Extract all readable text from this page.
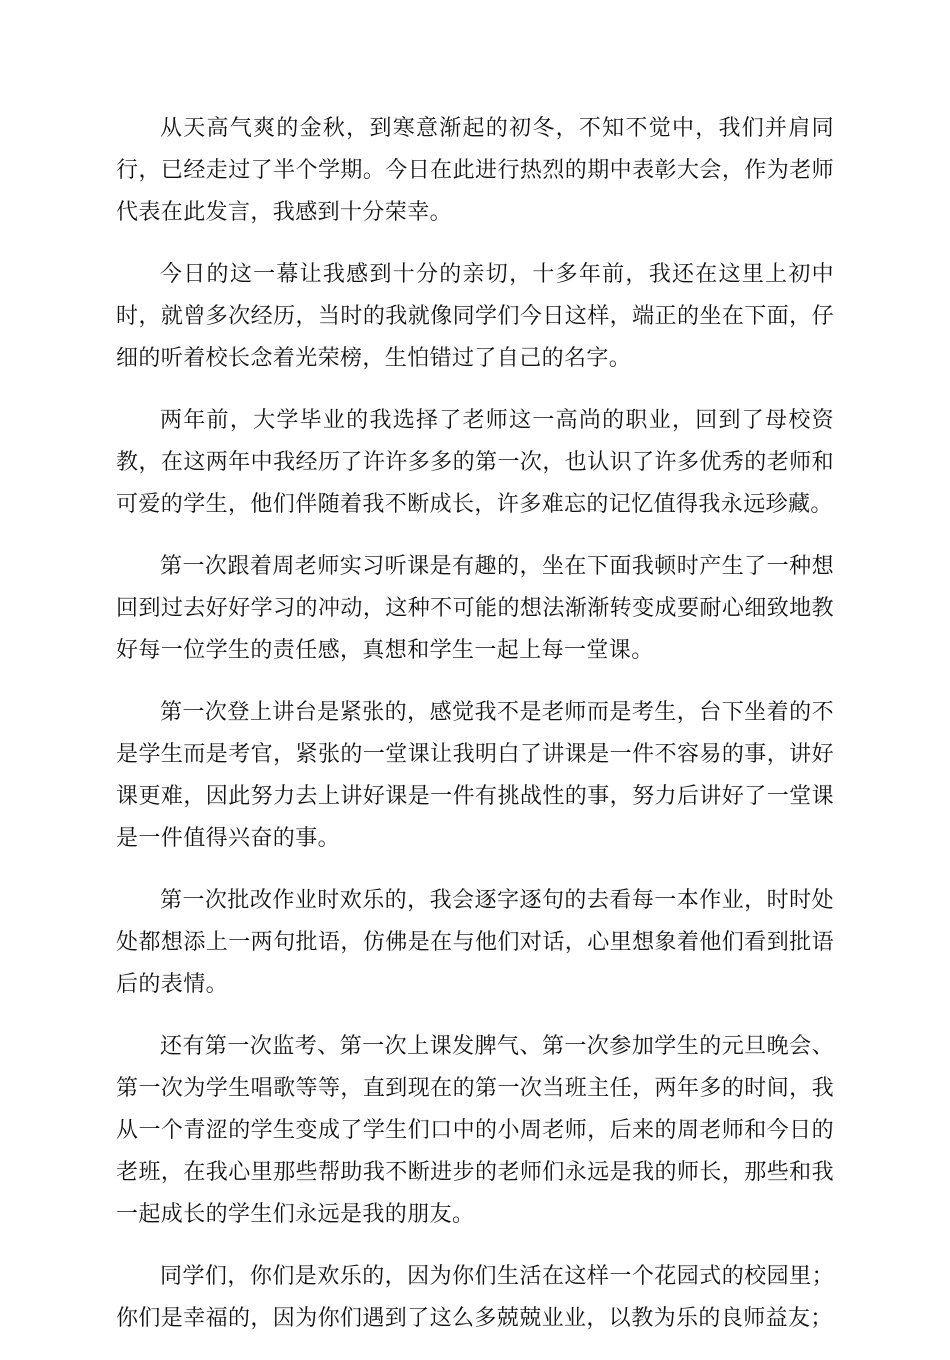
从天高气爽的金秋，到寒意渐起的初冬，不知不觉中，我们并肩同行，已经走过了半个学期。今日在此进行热烈的期中表彰大会，作为老师代表在此发言，我感到十分荣幸。

今日的这一幕让我感到十分的亲切，十多年前，我还在这里上初中时，就曾多次经历，当时的我就像同学们今日这样，端正的坐在下面，仔细的听着校长念着光荣榜，生怕错过了自己的名字。

两年前，大学毕业的我选择了老师这一高尚的职业，回到了母校资教，在这两年中我经历了许许多多的第一次，也认识了许多优秀的老师和可爱的学生，他们伴随着我不断成长，许多难忘的记忆值得我永远珍藏。

第一次跟着周老师实习听课是有趣的，坐在下面我顿时产生了一种想回到过去好好学习的冲动，这种不可能的想法渐渐转变成要耐心细致地教好每一位学生的责任感，真想和学生一起上每一堂课。

第一次登上讲台是紧张的，感觉我不是老师而是考生，台下坐着的不是学生而是考官，紧张的一堂课让我明白了讲课是一件不容易的事，讲好课更难，因此努力去上讲好课是一件有挑战性的事，努力后讲好了一堂课是一件值得兴奋的事。

第一次批改作业时欢乐的，我会逐字逐句的去看每一本作业，时时处处都想添上一两句批语，仿佛是在与他们对话，心里想象着他们看到批语后的表情。

还有第一次监考、第一次上课发脾气、第一次参加学生的元旦晚会、第一次为学生唱歌等等，直到现在的第一次当班主任，两年多的时间，我从一个青涩的学生变成了学生们口中的小周老师，后来的周老师和今日的老班，在我心里那些帮助我不断进步的老师们永远是我的师长，那些和我一起成长的学生们永远是我的朋友。

同学们，你们是欢乐的，因为你们生活在这样一个花园式的校园里；你们是幸福的，因为你们遇到了这么多兢兢业业，以教为乐的良师益友；
